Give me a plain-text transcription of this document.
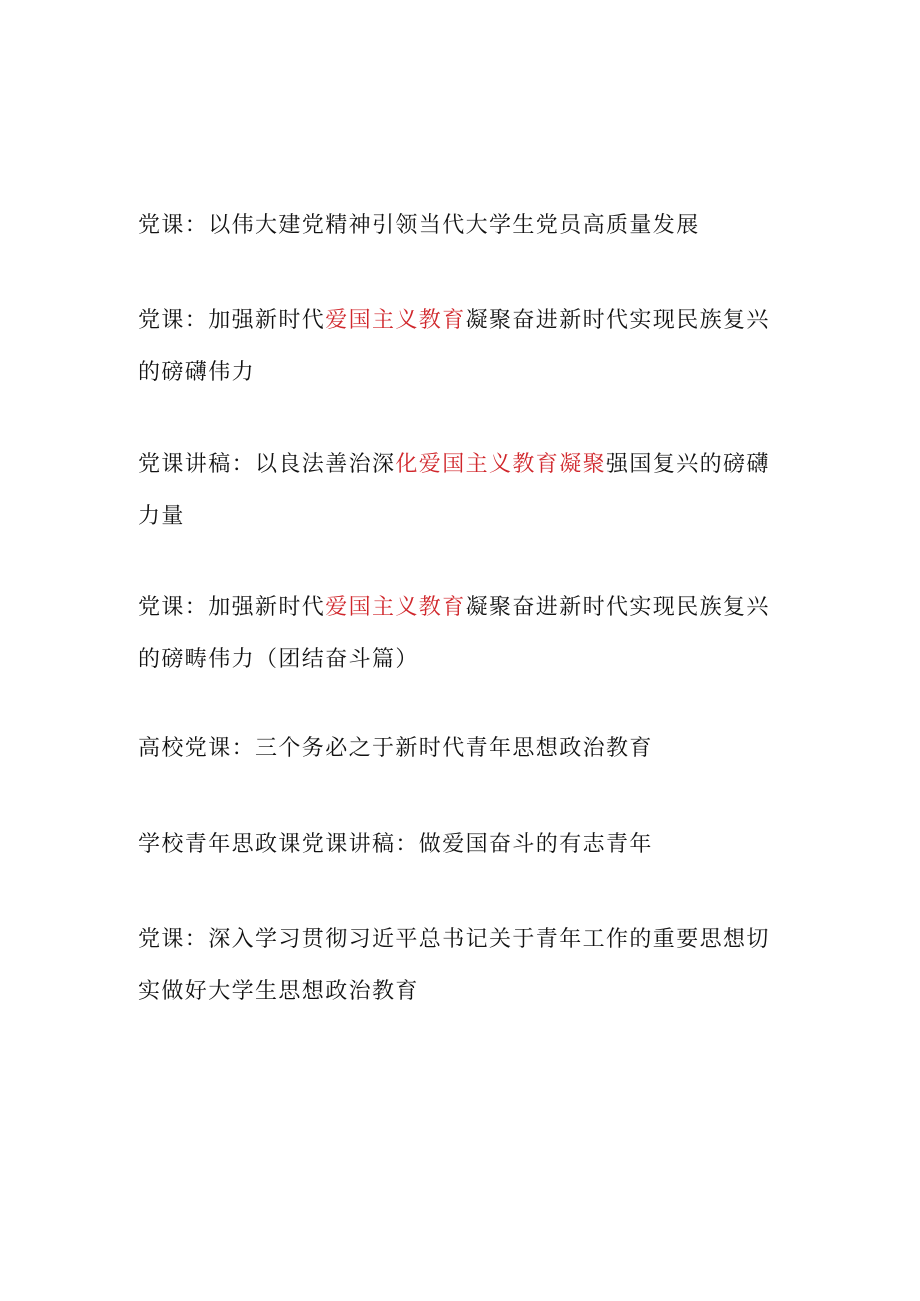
党课：以伟大建党精神引领当代大学生党员高质量发展
党课：加强新时代爱国主义教育凝聚奋进新时代实现民族复兴的磅礴伟力
党课讲稿：以良法善治深化爱国主义教育凝聚强国复兴的磅礴力量
党课：加强新时代爱国主义教育凝聚奋进新时代实现民族复兴的磅畴伟力（团结奋斗篇）
高校党课：三个务必之于新时代青年思想政治教育
学校青年思政课党课讲稿：做爱国奋斗的有志青年
党课：深入学习贯彻习近平总书记关于青年工作的重要思想切实做好大学生思想政治教育
